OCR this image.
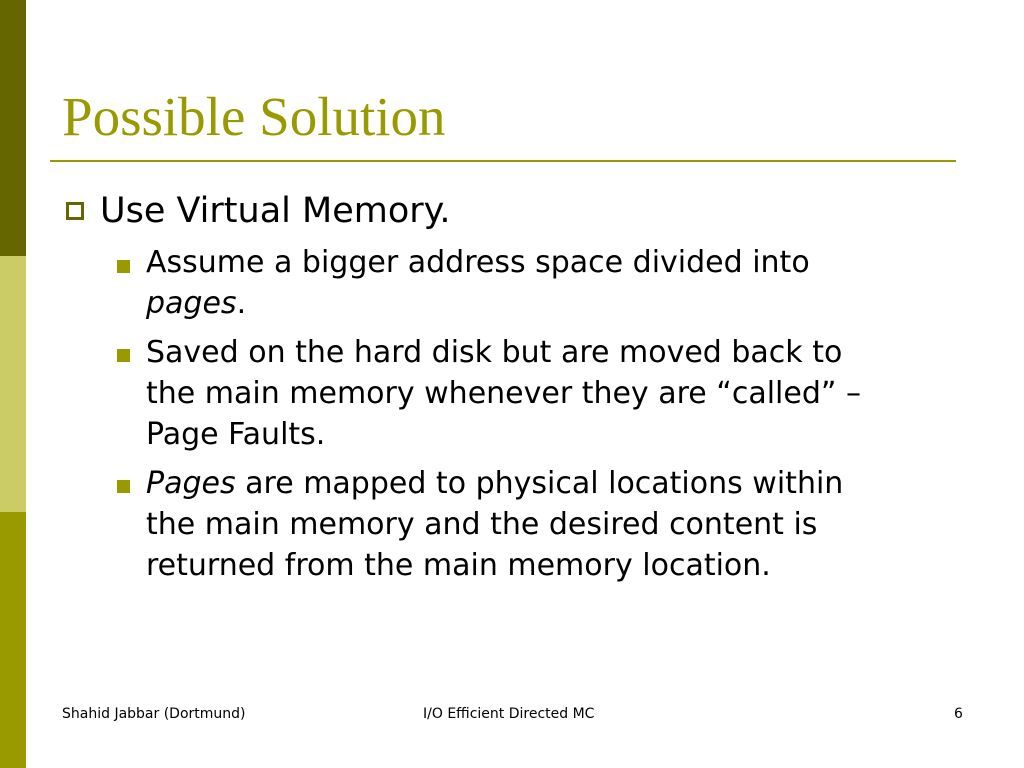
Possible Solution
Use Virtual Memory.
Assume a bigger address space divided into
pages.
Saved on the hard disk but are moved back to
the main memory whenever they are “called” –
Page Faults.
Pages are mapped to physical locations within
the main memory and the desired content is
returned from the main memory location.
Shahid Jabbar (Dortmund)	I/O Efficient Directed MC	6
